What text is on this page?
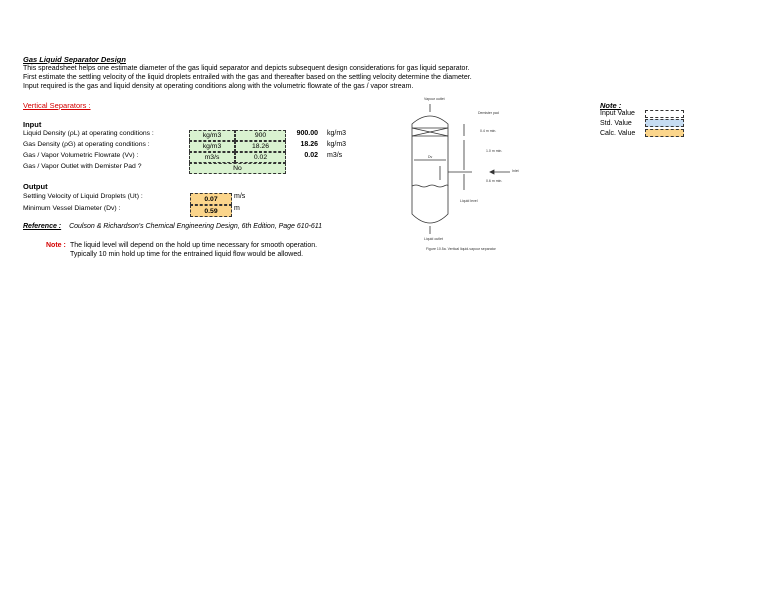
Gas Liquid Separator Design
This spreadsheet helps one estimate diameter of the gas liquid separator and depicts subsequent design considerations for gas liquid separator.
First estimate the settling velocity of the liquid droplets entrailed with the gas and thereafter based on the settling velocity determine the diameter.
Input required is the gas and liquid density at operating conditions along with the volumetric flowrate of the gas / vapor stream.
Vertical Separators :
Input
Liquid Density (ρL) at operating conditions :	kg/m3	900	900.00 kg/m3
Gas Density (ρG) at operating conditions :	kg/m3	18.26	18.26 kg/m3
Gas / Vapor Volumetric Flowrate (Vv) :	m3/s	0.02	0.02 m3/s
Gas / Vapor Outlet with Demister Pad ?	No
Output
Settling Velocity of Liquid Droplets (Ut) :	0.07	m/s
Minimum Vessel Diameter (Dv) :	0.59	m
Reference : Coulson & Richardson's Chemical Engineering Design, 6th Edition, Page 610-611
Note : The liquid level will depend on the hold up time necessary for smooth operation.
Typically 10 min hold up time for the entrained liquid flow would be allowed.
Note :
Input Value
Std. Value
Calc. Value
Vapour outlet
Demister pad
0.4 m min.
Dv
1.0 m min.
Inlet
0.6 m min.
Liquid level
Liquid outlet
Figure 10.5a. Vertical liquid-vapour separator
